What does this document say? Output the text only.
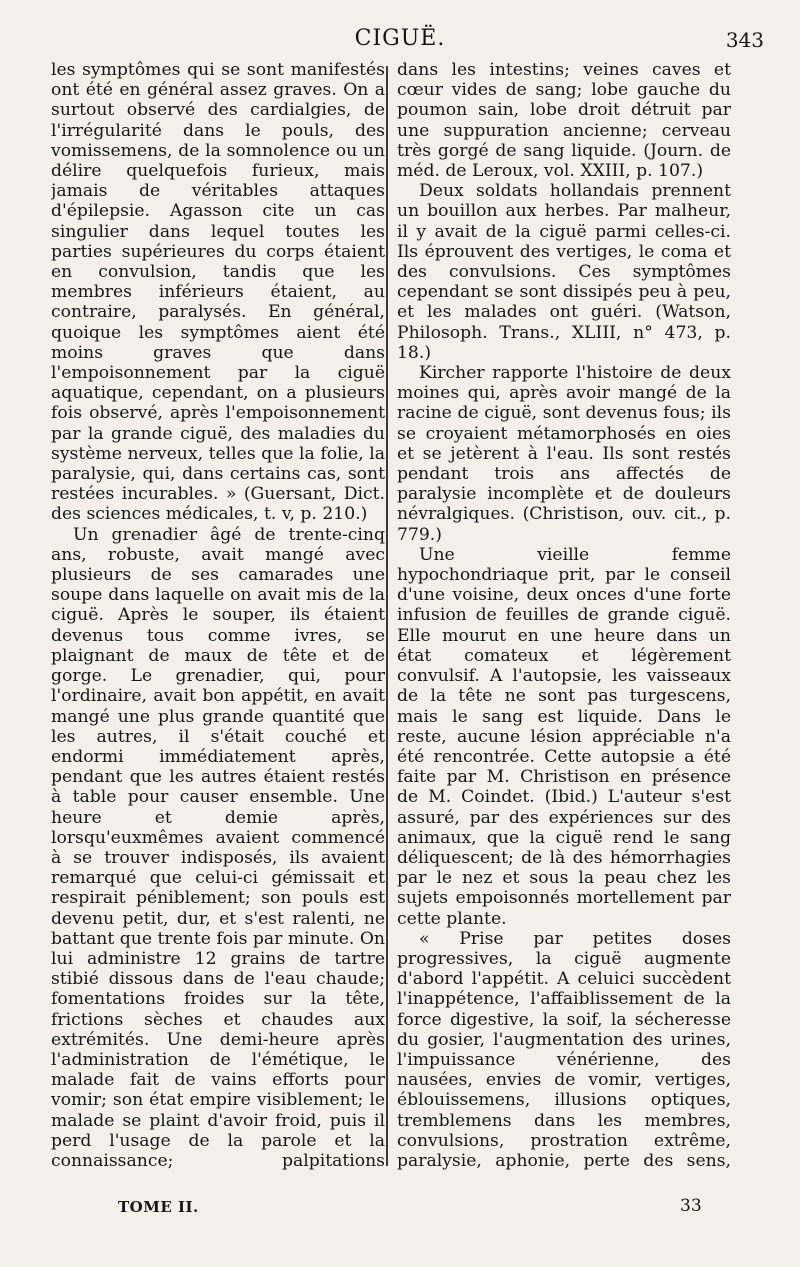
CIGUË.	343

les symptômes qui se sont manifestés ont été en général assez graves. On a surtout observé des cardialgies, de l'irrégularité dans le pouls, des vomissemens, de la somnolence ou un délire quelquefois furieux, mais jamais de véritables attaques d'épilepsie. Agasson cite un cas singulier dans lequel toutes les parties supérieures du corps étaient en convulsion, tandis que les membres inférieurs étaient, au contraire, paralysés. En général, quoique les symptômes aient été moins graves que dans l'empoisonnement par la ciguë aquatique, cependant, on a plusieurs fois observé, après l'empoisonnement par la grande ciguë, des maladies du système nerveux, telles que la folie, la paralysie, qui, dans certains cas, sont restées incurables. » (Guersant, Dict. des sciences médicales, t. v, p. 210.)

Un grenadier âgé de trente-cinq ans, robuste, avait mangé avec plusieurs de ses camarades une soupe dans laquelle on avait mis de la ciguë. Après le souper, ils étaient devenus tous comme ivres, se plaignant de maux de tête et de gorge. Le grenadier, qui, pour l'ordinaire, avait bon appétit, en avait mangé une plus grande quantité que les autres, il s'était couché et endormi immédiatement après, pendant que les autres étaient restés à table pour causer ensemble. Une heure et demie après, lorsqu'euxmêmes avaient commencé à se trouver indisposés, ils avaient remarqué que celui-ci gémissait et respirait péniblement; son pouls est devenu petit, dur, et s'est ralenti, ne battant que trente fois par minute. On lui administre 12 grains de tartre stibié dissous dans de l'eau chaude; fomentations froides sur la tête, frictions sèches et chaudes aux extrémités. Une demi-heure après l'administration de l'émétique, le malade fait de vains efforts pour vomir; son état empire visiblement; le malade se plaint d'avoir froid, puis il perd l'usage de la parole et la connaissance; palpitations

dans les intestins; veines caves et cœur vides de sang; lobe gauche du poumon sain, lobe droit détruit par une suppuration ancienne; cerveau très gorgé de sang liquide. (Journ. de méd. de Leroux, vol. XXIII, p. 107.)

Deux soldats hollandais prennent un bouillon aux herbes. Par malheur, il y avait de la ciguë parmi celles-ci. Ils éprouvent des vertiges, le coma et des convulsions. Ces symptômes cependant se sont dissipés peu à peu, et les malades ont guéri. (Watson, Philosoph. Trans., XLIII, n° 473, p. 18.)

Kircher rapporte l'histoire de deux moines qui, après avoir mangé de la racine de ciguë, sont devenus fous; ils se croyaient métamorphosés en oies et se jetèrent à l'eau. Ils sont restés pendant trois ans affectés de paralysie incomplète et de douleurs névralgiques. (Christison, ouv. cit., p. 779.)

Une vieille femme hypochondriaque prit, par le conseil d'une voisine, deux onces d'une forte infusion de feuilles de grande ciguë. Elle mourut en une heure dans un état comateux et légèrement convulsif. A l'autopsie, les vaisseaux de la tête ne sont pas turgescens, mais le sang est liquide. Dans le reste, aucune lésion appréciable n'a été rencontrée. Cette autopsie a été faite par M. Christison en présence de M. Coindet. (Ibid.) L'auteur s'est assuré, par des expériences sur des animaux, que la ciguë rend le sang déliquescent; de là des hémorrhagies par le nez et sous la peau chez les sujets empoisonnés mortellement par cette plante.

« Prise par petites doses progressives, la ciguë augmente d'abord l'appétit. A celuici succèdent l'inappétence, l'affaiblissement de la force digestive, la soif, la sécheresse du gosier, l'augmentation des urines, l'impuissance vénérienne, des nausées, envies de vomir, vertiges, éblouissemens, illusions optiques, tremblemens dans les membres, convulsions, prostration extrême, paralysie, aphonie, perte des sens,

TOME II.	33
